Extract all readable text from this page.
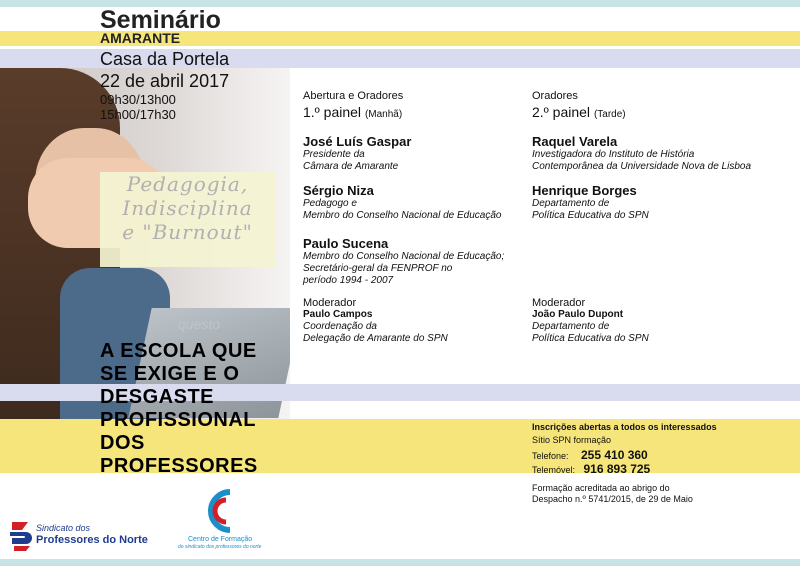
Pedagogia,
Indisciplina
e "Burnout"
questo
Seminário
AMARANTE
Casa da Portela
22 de abril 2017
09h30/13h00
15h00/17h30
Abertura e Oradores
1.º painel (Manhã)
José Luís Gaspar
Presidente da
Câmara de Amarante
Sérgio Niza
Pedagogo e
Membro do Conselho Nacional de Educação
Paulo Sucena
Membro do Conselho Nacional de Educação;
Secretário-geral da FENPROF no
período 1994 - 2007
Moderador
Paulo Campos
Coordenação da
Delegação de Amarante do SPN
Oradores
2.º painel (Tarde)
Raquel Varela
Investigadora do Instituto de História
Contemporânea da Universidade Nova de Lisboa
Henrique Borges
Departamento de
Política Educativa do SPN
Moderador
João Paulo Dupont
Departamento de
Política Educativa do SPN
A ESCOLA QUE
SE EXIGE E O
DESGASTE
PROFISSIONAL
DOS
PROFESSORES
Inscrições abertas a todos os interessados
Sítio SPN formação
Telefone: 255 410 360
Telemóvel: 916 893 725
Formação acreditada ao abrigo do
Despacho n.º 5741/2015, de 29 de Maio
Sindicato dos
Professores do Norte	Centro de Formação
do sindicato dos professores do norte
